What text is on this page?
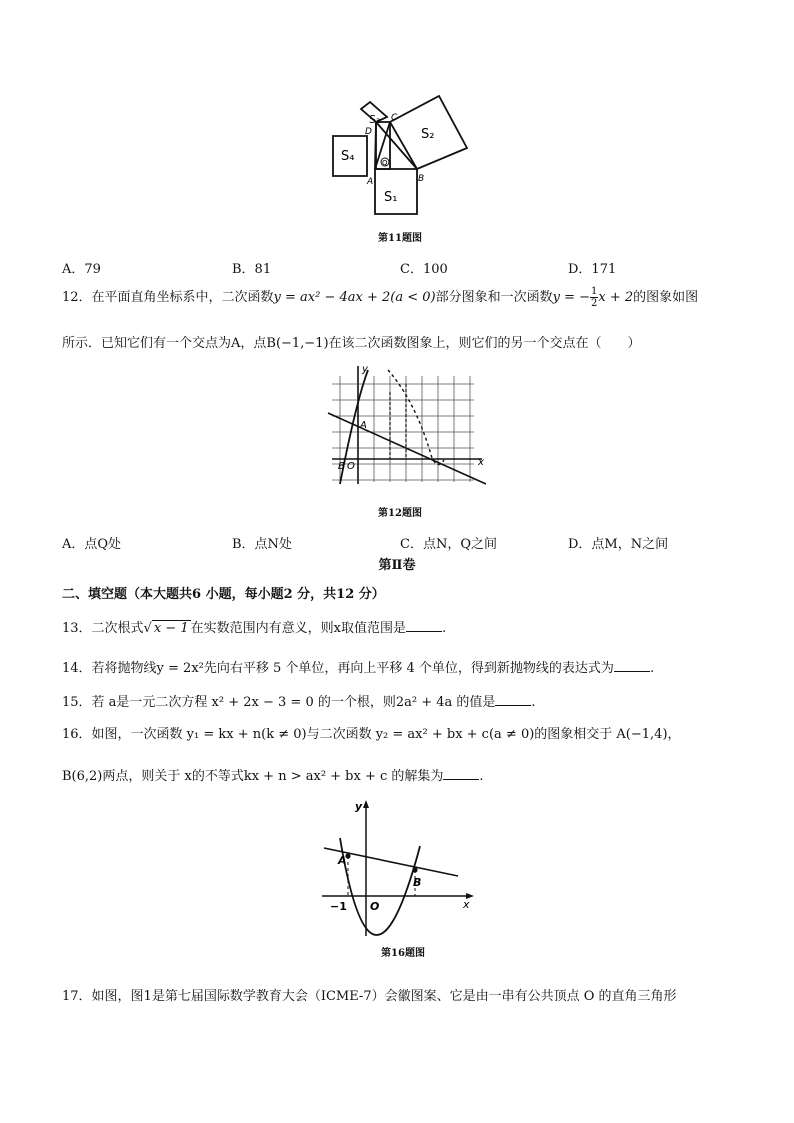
S₁
S₂
S₃
S₄
A	B
C
D
Q
第11题图
A．79	B．81	C．100	D．171
12．在平面直角坐标系中，二次函数y = ax² − 4ax + 2(a < 0)部分图象和一次函数y = − $\frac{1}{2}$ x + 2的图象如图
所示．已知它们有一个交点为A，点B(−1,−1)在该二次函数图象上，则它们的另一个交点在（　　）
y
x
A
B O
第12题图
A．点Q处	B．点N处	C．点N，Q之间	D．点M，N之间
第Ⅱ卷
二、填空题（本大题共6 小题，每小题2 分，共12 分）
13．二次根式√ x − 1 在实数范围内有意义，则x取值范围是	.
14．若将抛物线y = 2x²先向右平移 5 个单位，再向上平移 4 个单位，得到新抛物线的表达式为	.
15．若 a是一元二次方程 x² + 2x − 3 = 0 的一个根，则2a² + 4a 的值是	.
16．如图，一次函数 y₁ = kx + n(k ≠ 0)与二次函数 y₂ = ax² + bx + c(a ≠ 0)的图象相交于 A(−1,4)，
B(6,2)两点，则关于 x的不等式kx + n > ax² + bx + c 的解集为	.
y
x
A
B
O
−1
第16题图
17．如图，图1是第七届国际数学教育大会（ICME-7）会徽图案、它是由一串有公共顶点 O 的直角三角形
